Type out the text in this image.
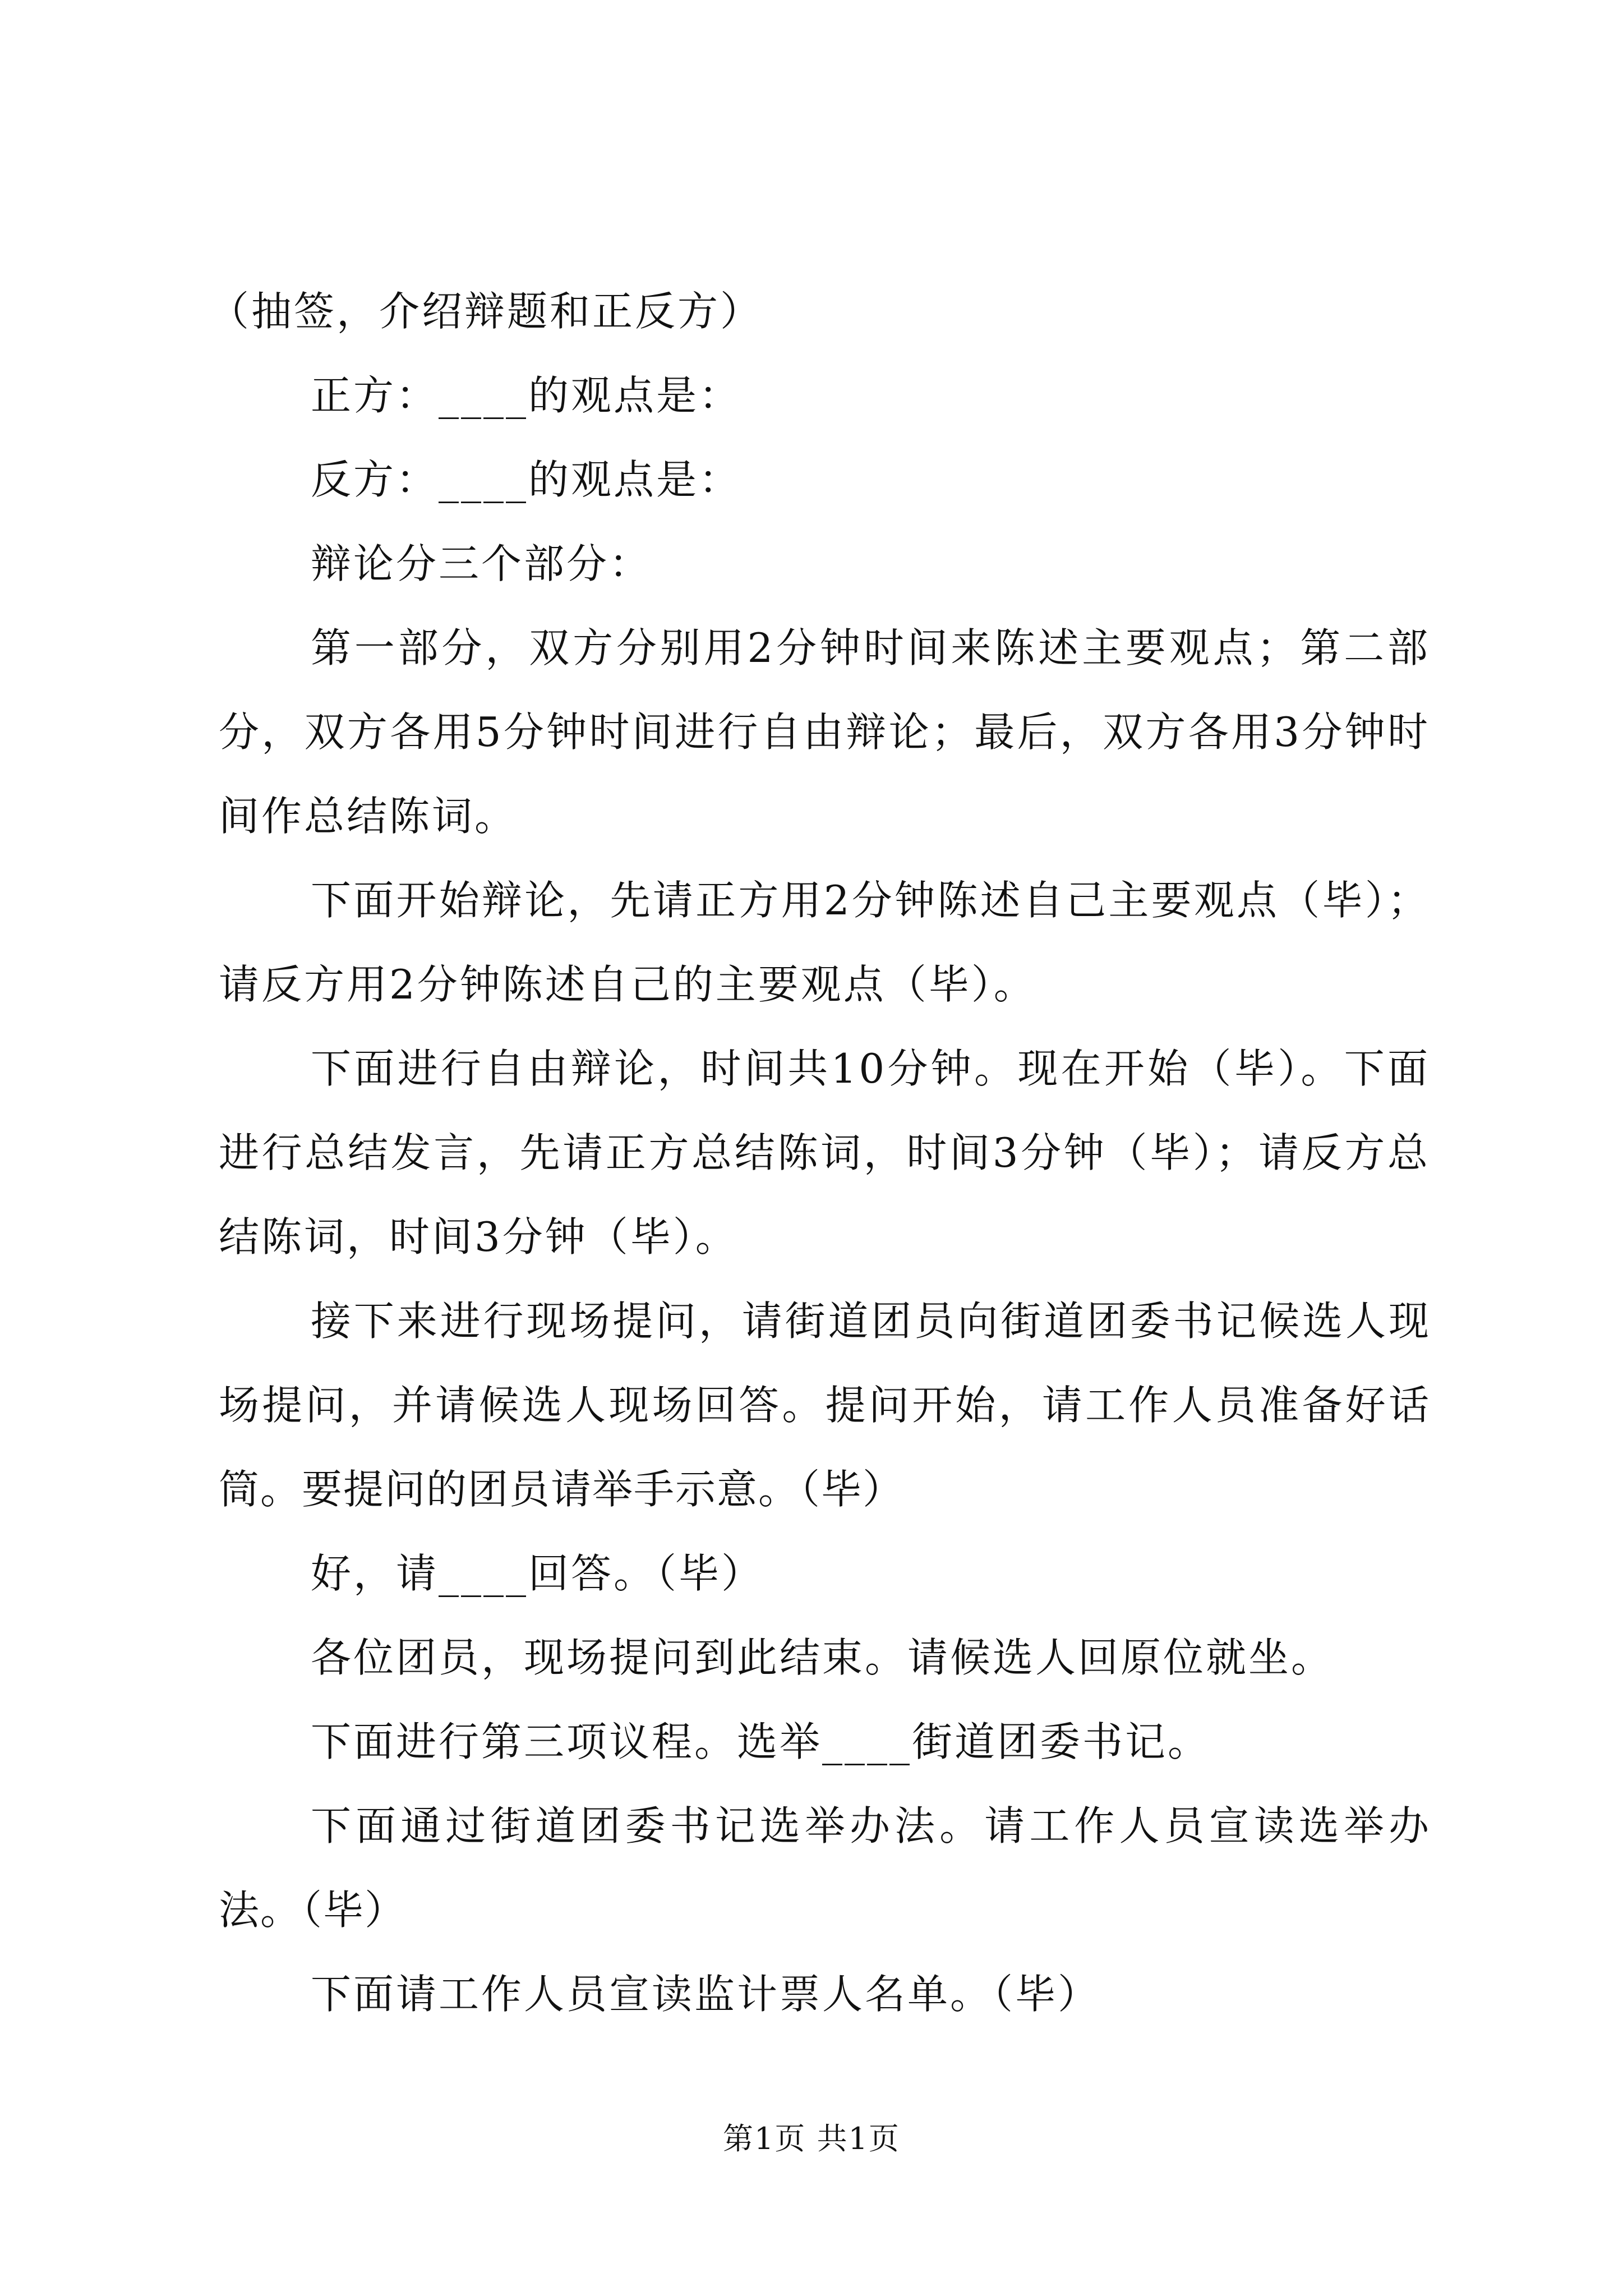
（抽签，介绍辩题和正反方）

正方：____的观点是：

反方：____的观点是：

辩论分三个部分：

第一部分，双方分别用2分钟时间来陈述主要观点；第二部分，双方各用5分钟时间进行自由辩论；最后，双方各用3分钟时间作总结陈词。

下面开始辩论，先请正方用2分钟陈述自己主要观点（毕）；请反方用2分钟陈述自己的主要观点（毕）。

下面进行自由辩论，时间共10分钟。现在开始（毕）。下面进行总结发言，先请正方总结陈词，时间3分钟（毕）；请反方总结陈词，时间3分钟（毕）。

接下来进行现场提问，请街道团员向街道团委书记候选人现场提问，并请候选人现场回答。提问开始，请工作人员准备好话筒。要提问的团员请举手示意。（毕）

好，请____回答。（毕）

各位团员，现场提问到此结束。请候选人回原位就坐。

下面进行第三项议程。选举____街道团委书记。

下面通过街道团委书记选举办法。请工作人员宣读选举办法。（毕）

下面请工作人员宣读监计票人名单。（毕）

第1页 共1页
